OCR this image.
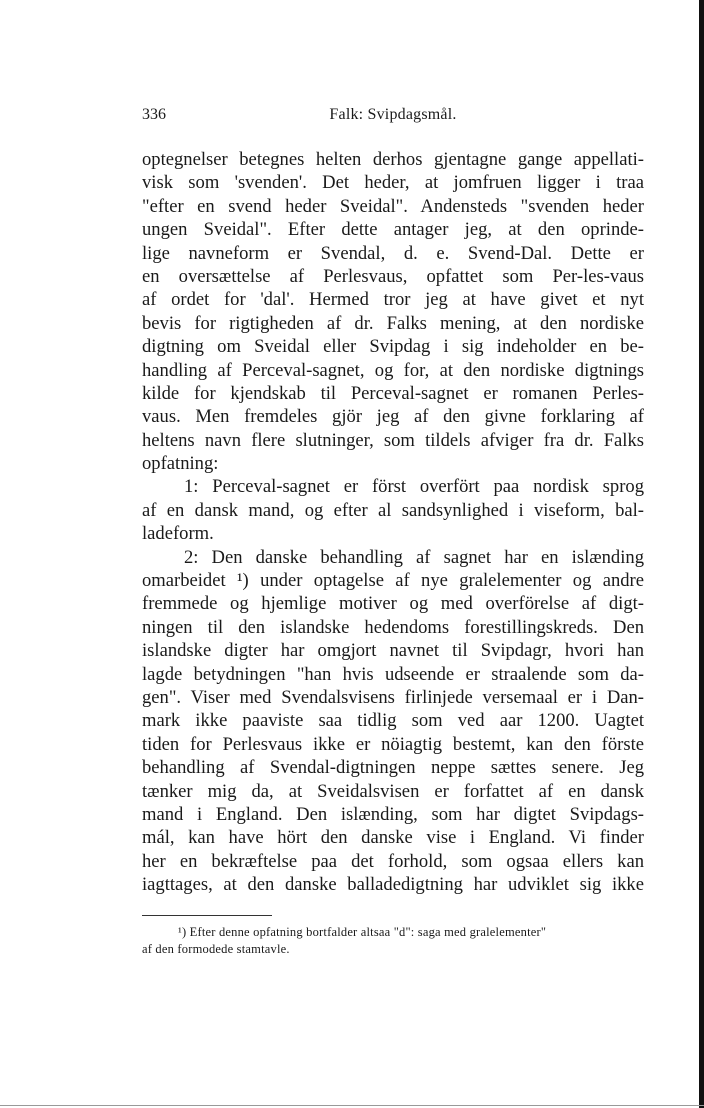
336	Falk: Svipdagsmål.
optegnelser betegnes helten derhos gjentagne gange appellati-
visk som 'svenden'. Det heder, at jomfruen ligger i traa
"efter en svend heder Sveidal". Andensteds "svenden heder
ungen Sveidal". Efter dette antager jeg, at den oprinde-
lige navneform er Svendal, d. e. Svend-Dal. Dette er
en oversættelse af Perlesvaus, opfattet som Per-les-vaus
af ordet for 'dal'. Hermed tror jeg at have givet et nyt
bevis for rigtigheden af dr. Falks mening, at den nordiske
digtning om Sveidal eller Svipdag i sig indeholder en be-
handling af Perceval-sagnet, og for, at den nordiske digtnings
kilde for kjendskab til Perceval-sagnet er romanen Perles-
vaus. Men fremdeles gjör jeg af den givne forklaring af
heltens navn flere slutninger, som tildels afviger fra dr. Falks
opfatning:
1: Perceval-sagnet er först overfört paa nordisk sprog
af en dansk mand, og efter al sandsynlighed i viseform, bal-
ladeform.
2: Den danske behandling af sagnet har en islænding
omarbeidet ¹) under optagelse af nye gralelementer og andre
fremmede og hjemlige motiver og med overförelse af digt-
ningen til den islandske hedendoms forestillingskreds. Den
islandske digter har omgjort navnet til Svipdagr, hvori han
lagde betydningen "han hvis udseende er straalende som da-
gen". Viser med Svendalsvisens firlinjede versemaal er i Dan-
mark ikke paaviste saa tidlig som ved aar 1200. Uagtet
tiden for Perlesvaus ikke er nöiagtig bestemt, kan den förste
behandling af Svendal-digtningen neppe sættes senere. Jeg
tænker mig da, at Sveidalsvisen er forfattet af en dansk
mand i England. Den islænding, som har digtet Svipdags-
mál, kan have hört den danske vise i England. Vi finder
her en bekræftelse paa det forhold, som ogsaa ellers kan
iagttages, at den danske balladedigtning har udviklet sig ikke
¹) Efter denne opfatning bortfalder altsaa "d": saga med gralelementer"
af den formodede stamtavle.
